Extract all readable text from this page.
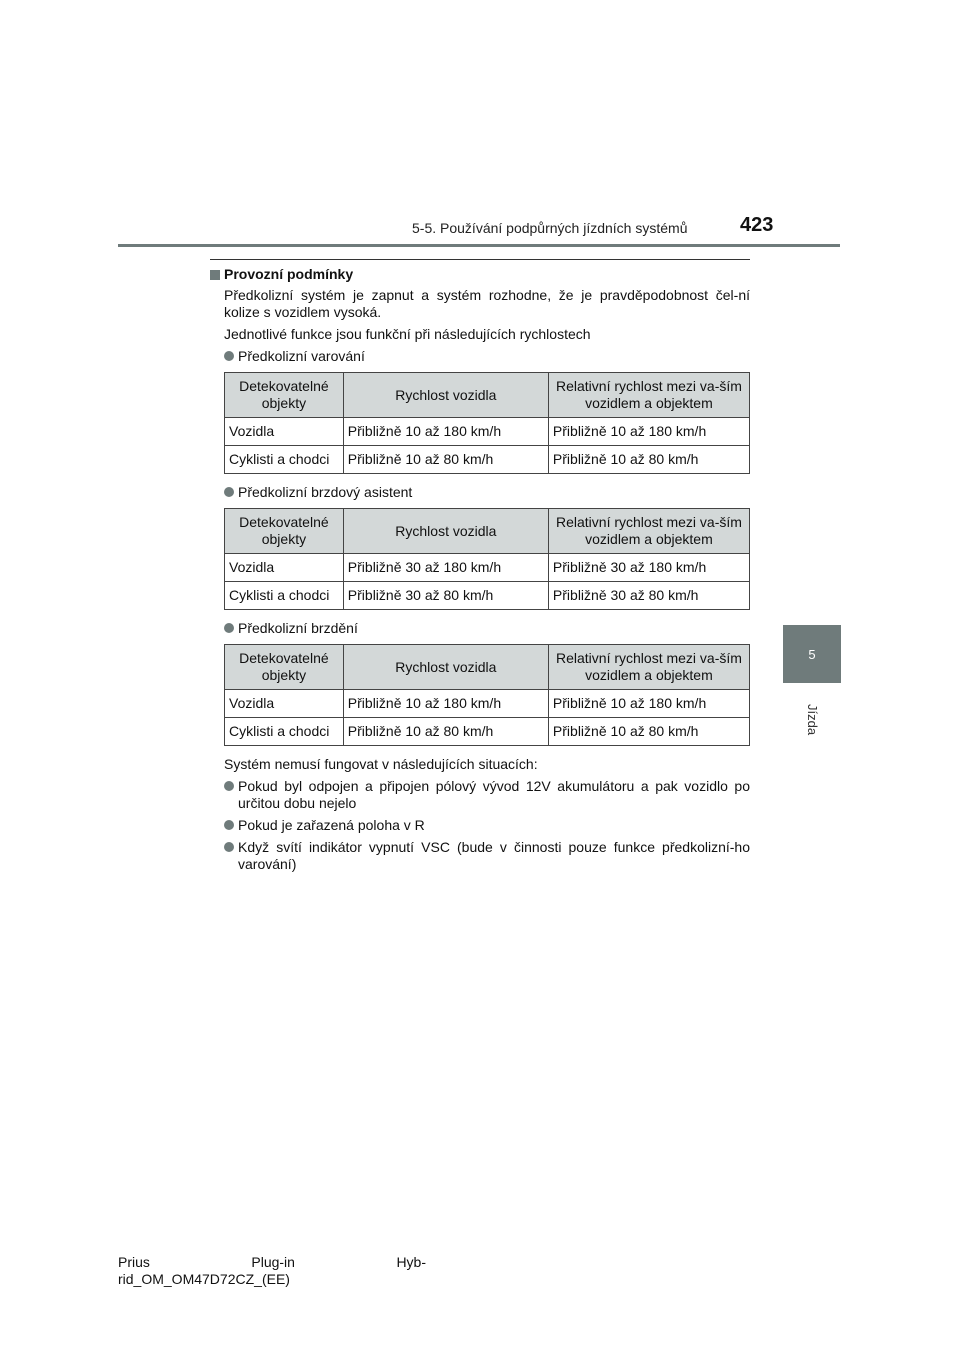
5-5. Používání podpůrných jízdních systémů	423
5
Jízda
Provozní podmínky

Předkolizní systém je zapnut a systém rozhodne, že je pravděpodobnost čel-ní kolize s vozidlem vysoká.

Jednotlivé funkce jsou funkční při následujících rychlostech

Předkolizní varování
Detekovatelné objekty	Rychlost vozidla	Relativní rychlost mezi va-ším vozidlem a objektem
Vozidla	Přibližně 10 až 180 km/h	Přibližně 10 až 180 km/h
Cyklisti a chodci	Přibližně 10 až 80 km/h	Přibližně 10 až 80 km/h
Předkolizní brzdový asistent
Detekovatelné objekty	Rychlost vozidla	Relativní rychlost mezi va-ším vozidlem a objektem
Vozidla	Přibližně 30 až 180 km/h	Přibližně 30 až 180 km/h
Cyklisti a chodci	Přibližně 30 až 80 km/h	Přibližně 30 až 80 km/h
Předkolizní brzdění
Detekovatelné objekty	Rychlost vozidla	Relativní rychlost mezi va-ším vozidlem a objektem
Vozidla	Přibližně 10 až 180 km/h	Přibližně 10 až 180 km/h
Cyklisti a chodci	Přibližně 10 až 80 km/h	Přibližně 10 až 80 km/h

Systém nemusí fungovat v následujících situacích:

Pokud byl odpojen a připojen pólový vývod 12V akumulátoru a pak vozidlo po určitou dobu nejelo
Pokud je zařazená poloha v R
Když svítí indikátor vypnutí VSC (bude v činnosti pouze funkce předkolizní-ho varování)
Prius	Plug-in	Hyb-
rid_OM_OM47D72CZ_(EE)
